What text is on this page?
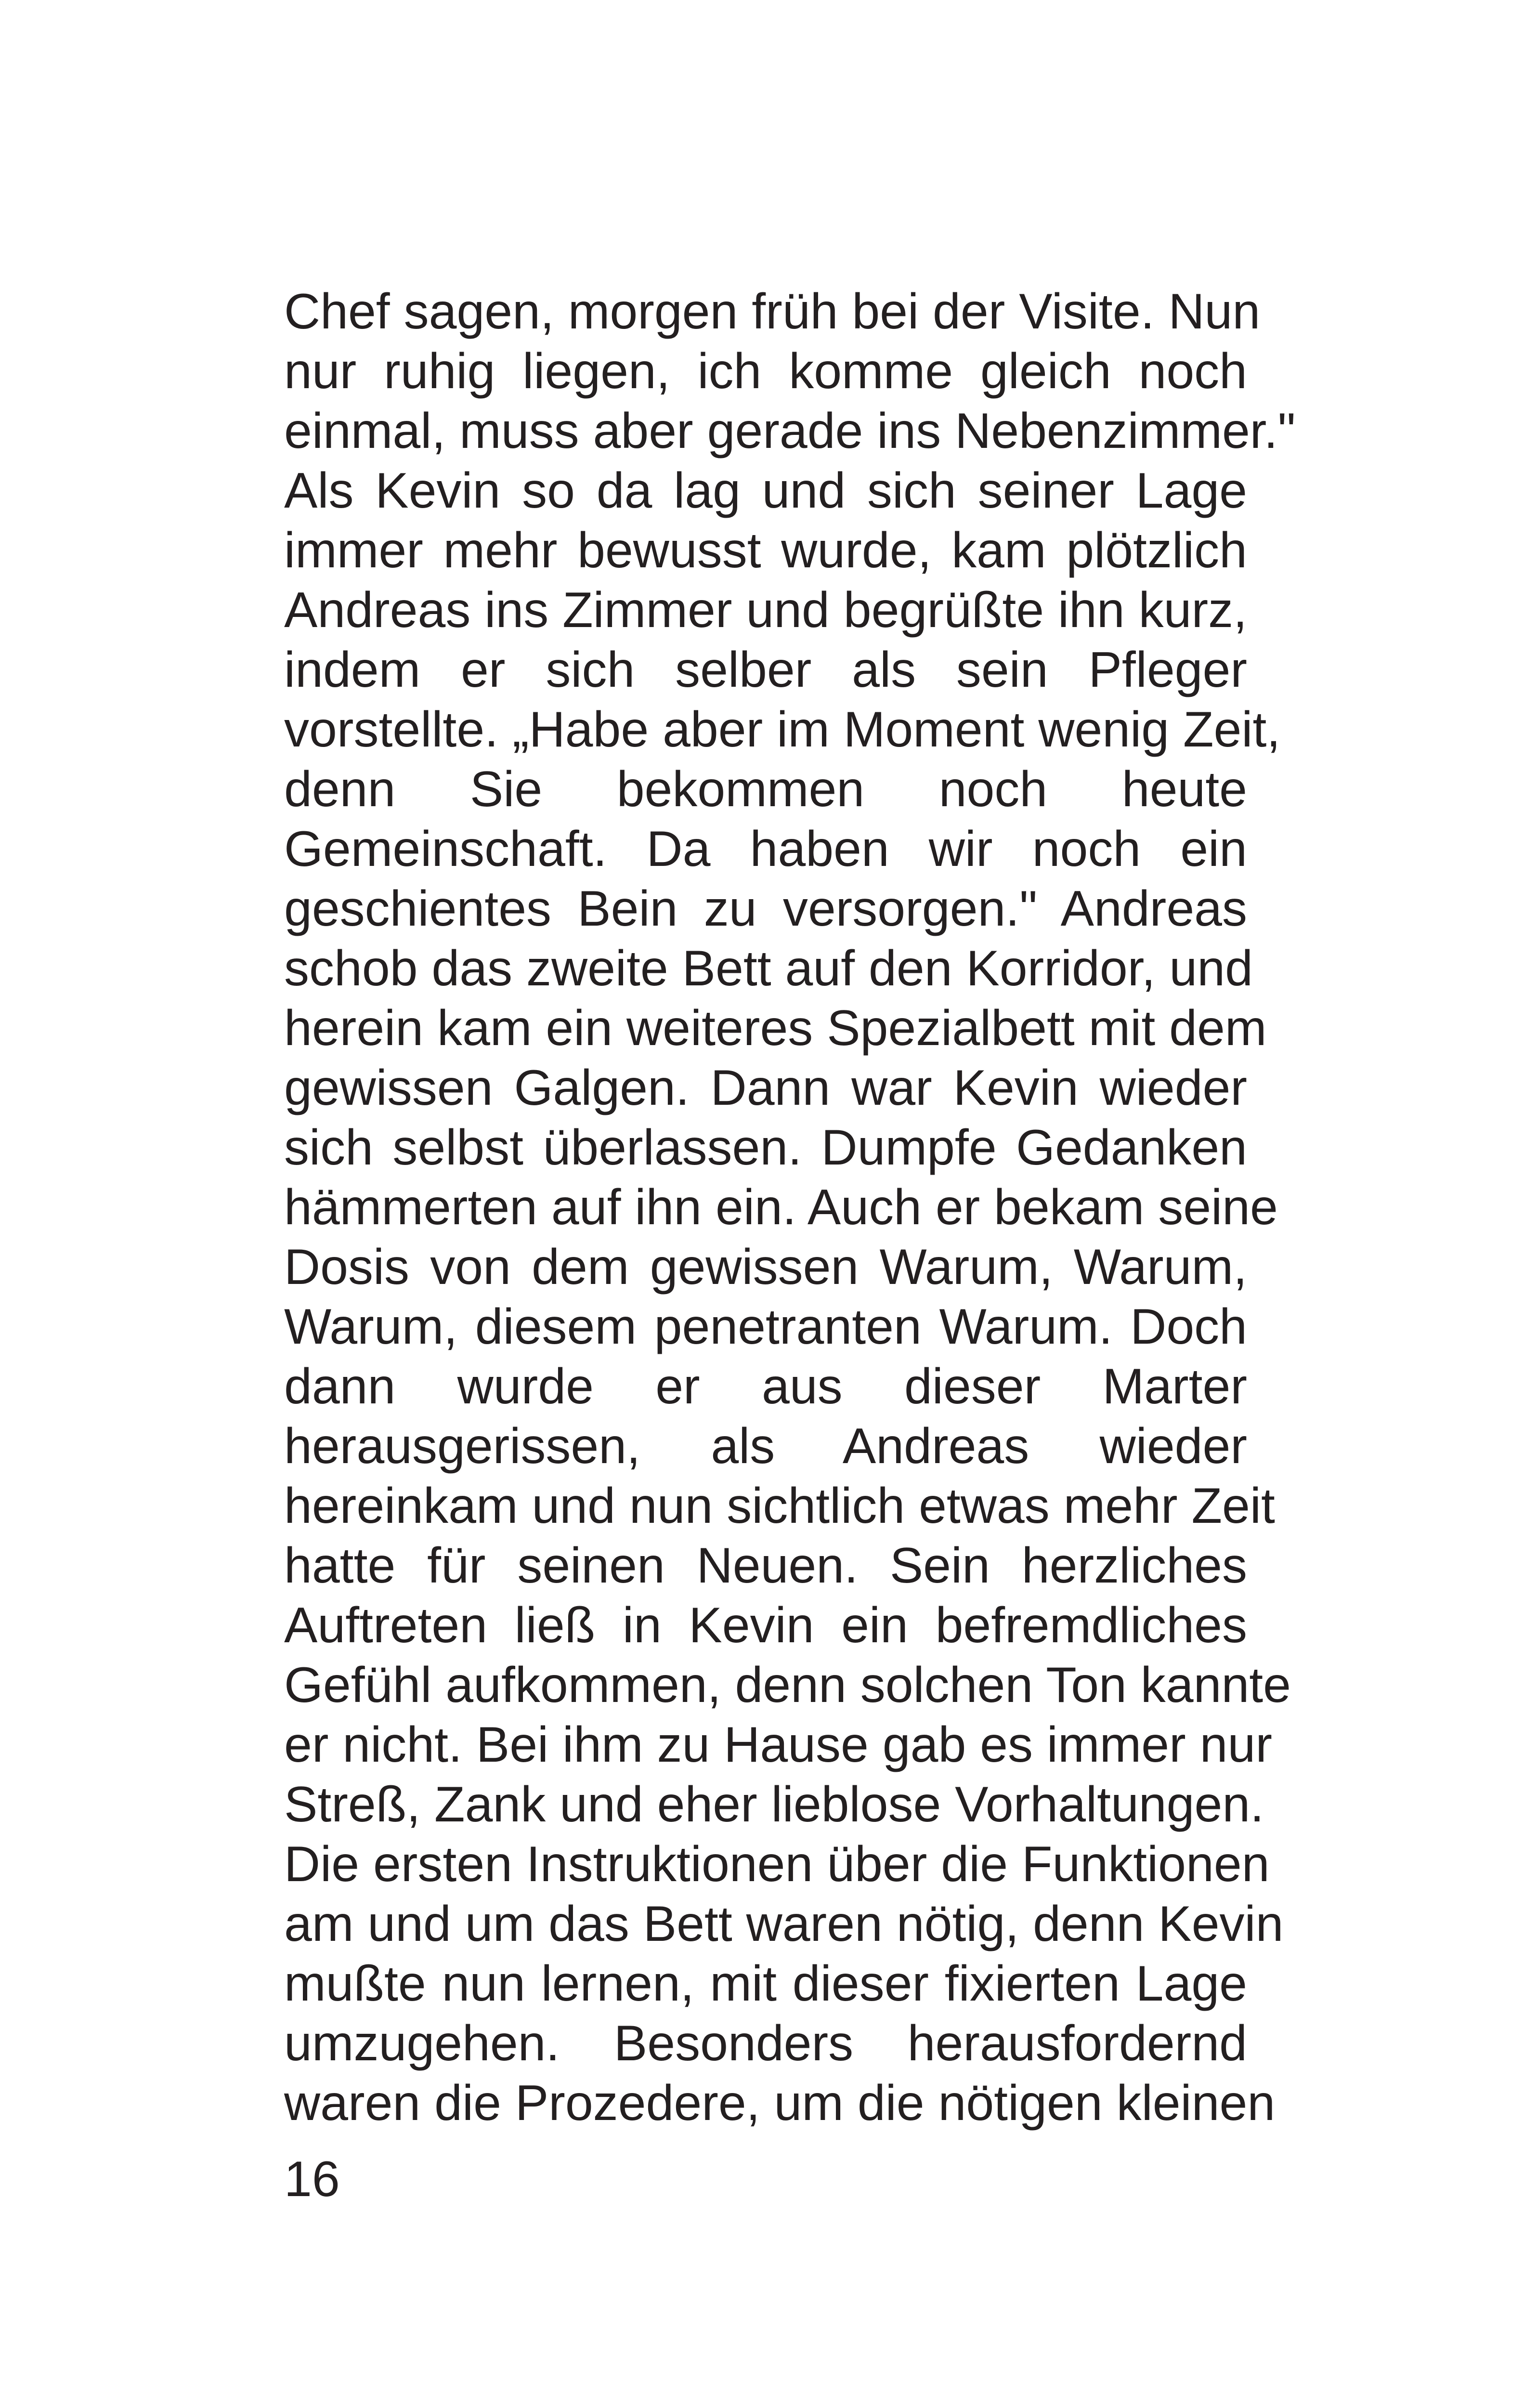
Chef sagen, morgen früh bei der Visite. Nun
nur ruhig liegen, ich komme gleich noch
einmal, muss aber gerade ins Nebenzimmer."
Als Kevin so da lag und sich seiner Lage
immer mehr bewusst wurde, kam plötzlich
Andreas ins Zimmer und begrüßte ihn kurz,
indem er sich selber als sein Pfleger
vorstellte. „Habe aber im Moment wenig Zeit,
denn Sie bekommen noch heute
Gemeinschaft. Da haben wir noch ein
geschientes Bein zu versorgen." Andreas
schob das zweite Bett auf den Korridor, und
herein kam ein weiteres Spezialbett mit dem
gewissen Galgen. Dann war Kevin wieder
sich selbst überlassen. Dumpfe Gedanken
hämmerten auf ihn ein. Auch er bekam seine
Dosis von dem gewissen Warum, Warum,
Warum, diesem penetranten Warum. Doch
dann wurde er aus dieser Marter
herausgerissen, als Andreas wieder
hereinkam und nun sichtlich etwas mehr Zeit
hatte für seinen Neuen. Sein herzliches
Auftreten ließ in Kevin ein befremdliches
Gefühl aufkommen, denn solchen Ton kannte
er nicht. Bei ihm zu Hause gab es immer nur
Streß, Zank und eher lieblose Vorhaltungen.
Die ersten Instruktionen über die Funktionen
am und um das Bett waren nötig, denn Kevin
mußte nun lernen, mit dieser fixierten Lage
umzugehen. Besonders herausfordernd
waren die Prozedere, um die nötigen kleinen
16
